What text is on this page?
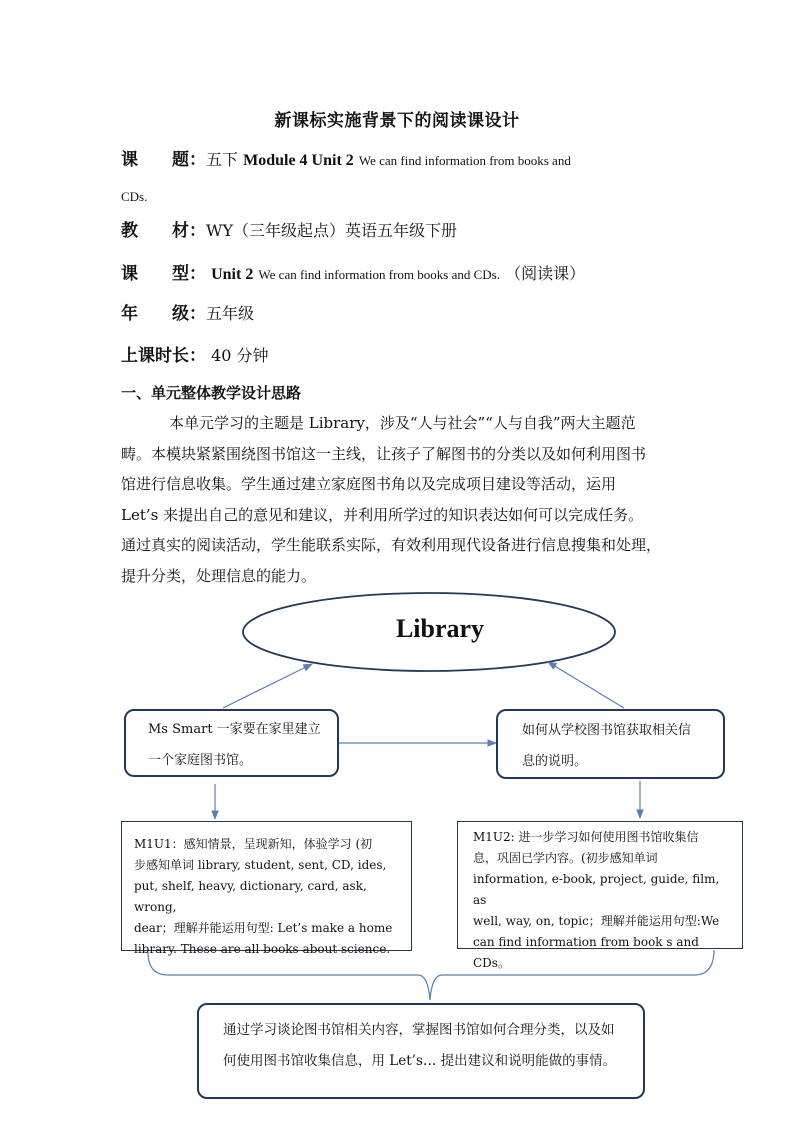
新课标实施背景下的阅读课设计
课　　题：五下 Module 4 Unit 2 We can find information from books and
CDs.
教　　材：WY（三年级起点）英语五年级下册
课　　型： Unit 2 We can find information from books and CDs. （阅读课）
年　　级：五年级
上课时长： 40 分钟
一、单元整体教学设计思路
本单元学习的主题是 Library，涉及“人与社会”“人与自我”两大主题范
畴。本模块紧紧围绕图书馆这一主线，让孩子了解图书的分类以及如何利用图书
馆进行信息收集。学生通过建立家庭图书角以及完成项目建设等活动，运用
Let’s 来提出自己的意见和建议，并利用所学过的知识表达如何可以完成任务。
通过真实的阅读活动，学生能联系实际，有效利用现代设备进行信息搜集和处理，
提升分类，处理信息的能力。
Library
Ms Smart 一家要在家里建立
一个家庭图书馆。
如何从学校图书馆获取相关信
息的说明。
M1U1：感知情景，呈现新知，体验学习 (初
步感知单词 library, student, sent, CD, ides,
put, shelf, heavy, dictionary, card, ask, wrong,
dear；理解并能运用句型: Let’s make a home
library. These are all books about science.
M1U2: 进一步学习如何使用图书馆收集信
息，巩固已学内容。(初步感知单词
information, e-book, project, guide, film, as
well, way, on, topic；理解并能运用句型:We
can find information from book s and CDs。
通过学习谈论图书馆相关内容，掌握图书馆如何合理分类，以及如
何使用图书馆收集信息，用 Let’s… 提出建议和说明能做的事情。
